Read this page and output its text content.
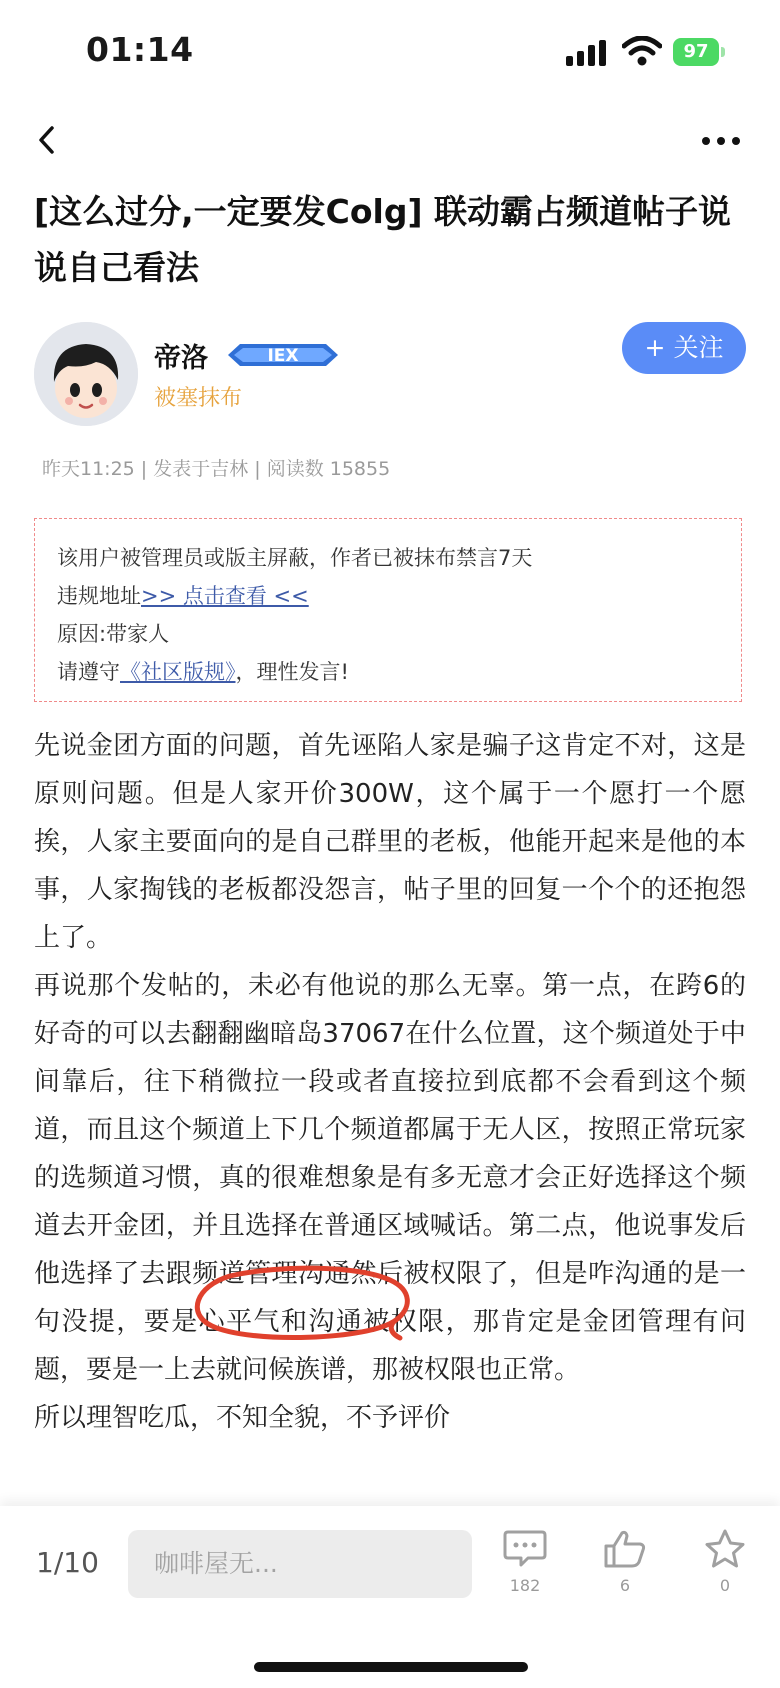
01:14	97
[这么过分,一定要发Colg] 联动霸占频道帖子说说自己看法
帝洛	IEX
被塞抹布
+ 关注
昨天11:25 | 发表于吉林 | 阅读数 15855
该用户被管理员或版主屏蔽，作者已被抹布禁言7天
违规地址>> 点击查看 <<
原因:带家人
请遵守《社区版规》，理性发言!

先说金团方面的问题，首先诬陷人家是骗子这肯定不对，这是原则问题。但是人家开价300W，这个属于一个愿打一个愿挨，人家主要面向的是自己群里的老板，他能开起来是他的本事，人家掏钱的老板都没怨言，帖子里的回复一个个的还抱怨上了。

再说那个发帖的，未必有他说的那么无辜。第一点，在跨6的好奇的可以去翻翻幽暗岛37067在什么位置，这个频道处于中间靠后，往下稍微拉一段或者直接拉到底都不会看到这个频道，而且这个频道上下几个频道都属于无人区，按照正常玩家的选频道习惯，真的很难想象是有多无意才会正好选择这个频道去开金团，并且选择在普通区域喊话。第二点，他说事发后他选择了去跟频道管理沟通然后被权限了，但是咋沟通的是一句没提，要是心平气和沟通被权限，那肯定是金团管理有问题，要是一上去就问候族谱，那被权限也正常。

所以理智吃瓜，不知全貌，不予评价

1/10	咖啡屋无...
182	6	0
